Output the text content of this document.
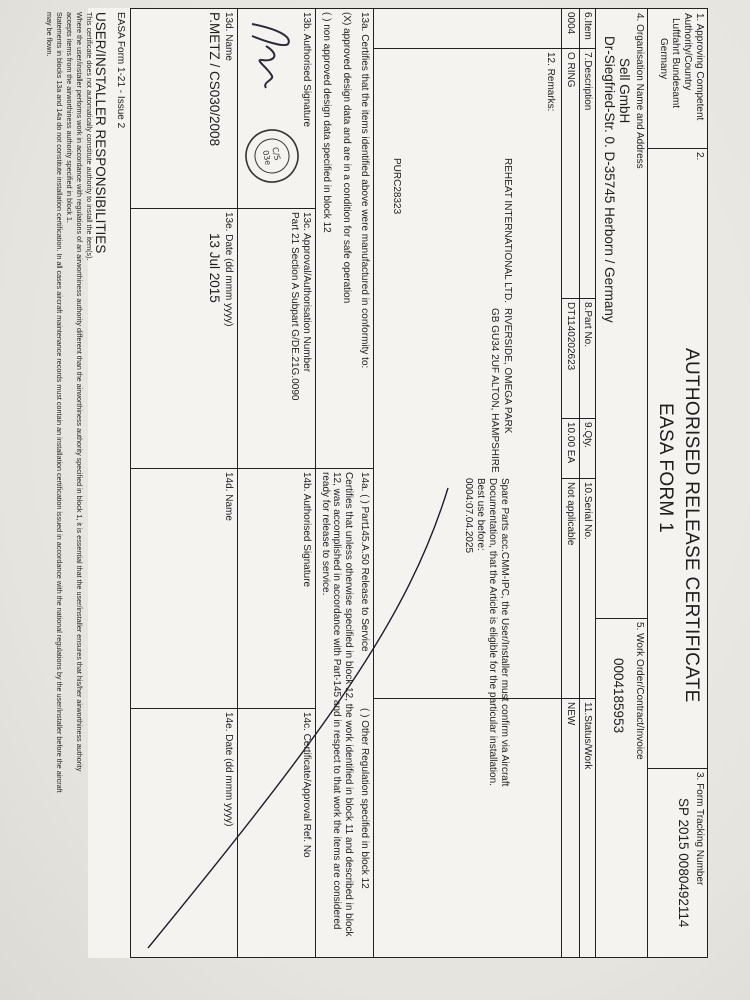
1. Approving Competent
Authority/Country
Luftfahrt Bundesamt
Germany
2.
AUTHORISED RELEASE CERTIFICATE
EASA FORM 1
3. Form Tracking Number
SP 2015 0080492114
4. Organisation Name and Address
Sell GmbH
Dr-Siegfried-Str. 0. D-35745 Herborn / Germany
5. Work Order/Contract/Invoice
0004185953
6.Item
7.Description
8.Part No.
9.Qty.
10.Serial No.
11.Status/Work
0004
O RING
DT1140202623
10.00 EA
Not applicable
NEW
12. Remarks:
REHEAT INTERNATIONAL LTD.
RIVERSIDE, OMEGA PARK
GB GU34 2UF ALTON, HAMPSHIRE
PURC28323
Spare Parts acc.CMM-IPC, the User/Installer must confirm via Aircraft
Documentation, that the Article is eligible for the particular installation.
Best use before:
0004:07.04.2025
13a. Certifies that the items identified above were manufactured in conformity to:
(X) approved design data and are in a condition for safe operation
( ) non approved design data specified in block 12
13b. Authorised Signature
13c. Approval/Authorisation Number
Part 21 Section A Subpart G/DE.21G.0090
13d. Name
P.METZ / CS030/2008
13e. Date (dd mmm yyyy)
13 Jul 2015
C/S
03e
14a. ( ) Part145.A.50 Release to Service
( ) Other Regulation specified in block 12
Certifies that unless otherwise specified in block 12, the work identified in block 11 and described in block 12, was accomplished in accordance with Part-145 and in respect to that work the items are considered ready for release to service.
14b. Authorised Signature
14c. Certificate/Approval Ref. No
14d. Name
14e. Date (dd mmm yyyy)
EASA Form 1-21 - Issue 2
USER/INSTALLER RESPONSIBILITIES
This certificate does not automatically constitute authority to install the item(s).
Where the user/installer performs work in accordance with regulations of an airworthiness authority different than the airworthiness authority specified in block 1, it is essential that the user/installer ensures that his/her airworthiness authority
accepts items from the airworthiness authority specified in block 1.
Statements in blocks 13a and 14a do not constitute installation certification. In all cases aircraft maintenance records must contain an installation certification issued in accordance with the national regulations by the user/installer before the aircraft
may be flown.
